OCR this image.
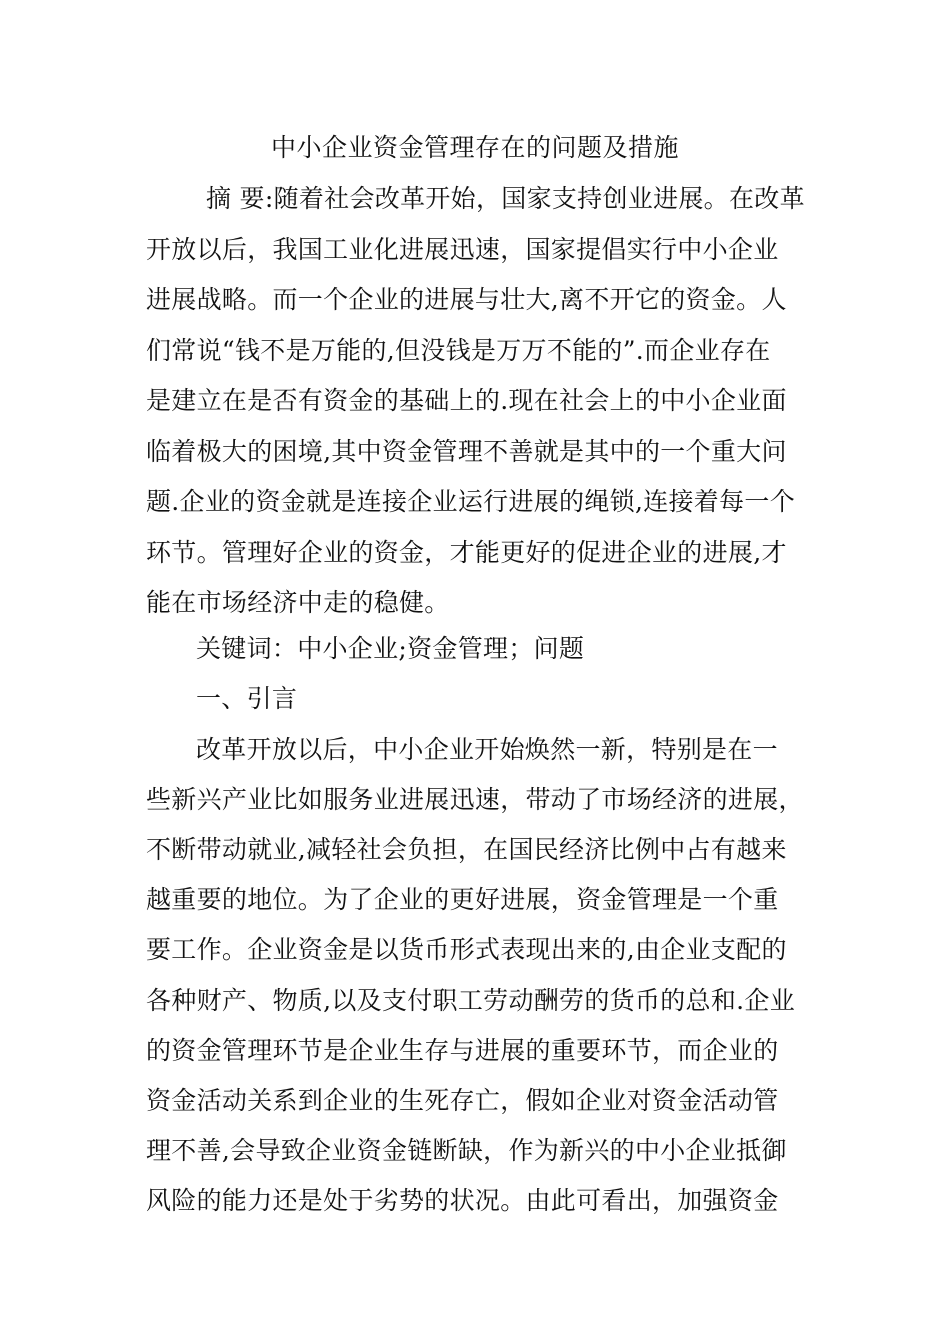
中小企业资金管理存在的问题及措施
摘 要:随着社会改革开始，国家支持创业进展。在改革
开放以后，我国工业化进展迅速，国家提倡实行中小企业
进展战略。而一个企业的进展与壮大,离不开它的资金。人
们常说“钱不是万能的,但没钱是万万不能的”.而企业存在
是建立在是否有资金的基础上的.现在社会上的中小企业面
临着极大的困境,其中资金管理不善就是其中的一个重大问
题.企业的资金就是连接企业运行进展的绳锁,连接着每一个
环节。管理好企业的资金，才能更好的促进企业的进展,才
能在市场经济中走的稳健。
关键词：中小企业;资金管理；问题
一、引言
改革开放以后，中小企业开始焕然一新，特别是在一
些新兴产业比如服务业进展迅速，带动了市场经济的进展，
不断带动就业,减轻社会负担，在国民经济比例中占有越来
越重要的地位。为了企业的更好进展，资金管理是一个重
要工作。企业资金是以货币形式表现出来的,由企业支配的
各种财产、物质,以及支付职工劳动酬劳的货币的总和.企业
的资金管理环节是企业生存与进展的重要环节，而企业的
资金活动关系到企业的生死存亡，假如企业对资金活动管
理不善,会导致企业资金链断缺，作为新兴的中小企业抵御
风险的能力还是处于劣势的状况。由此可看出，加强资金
